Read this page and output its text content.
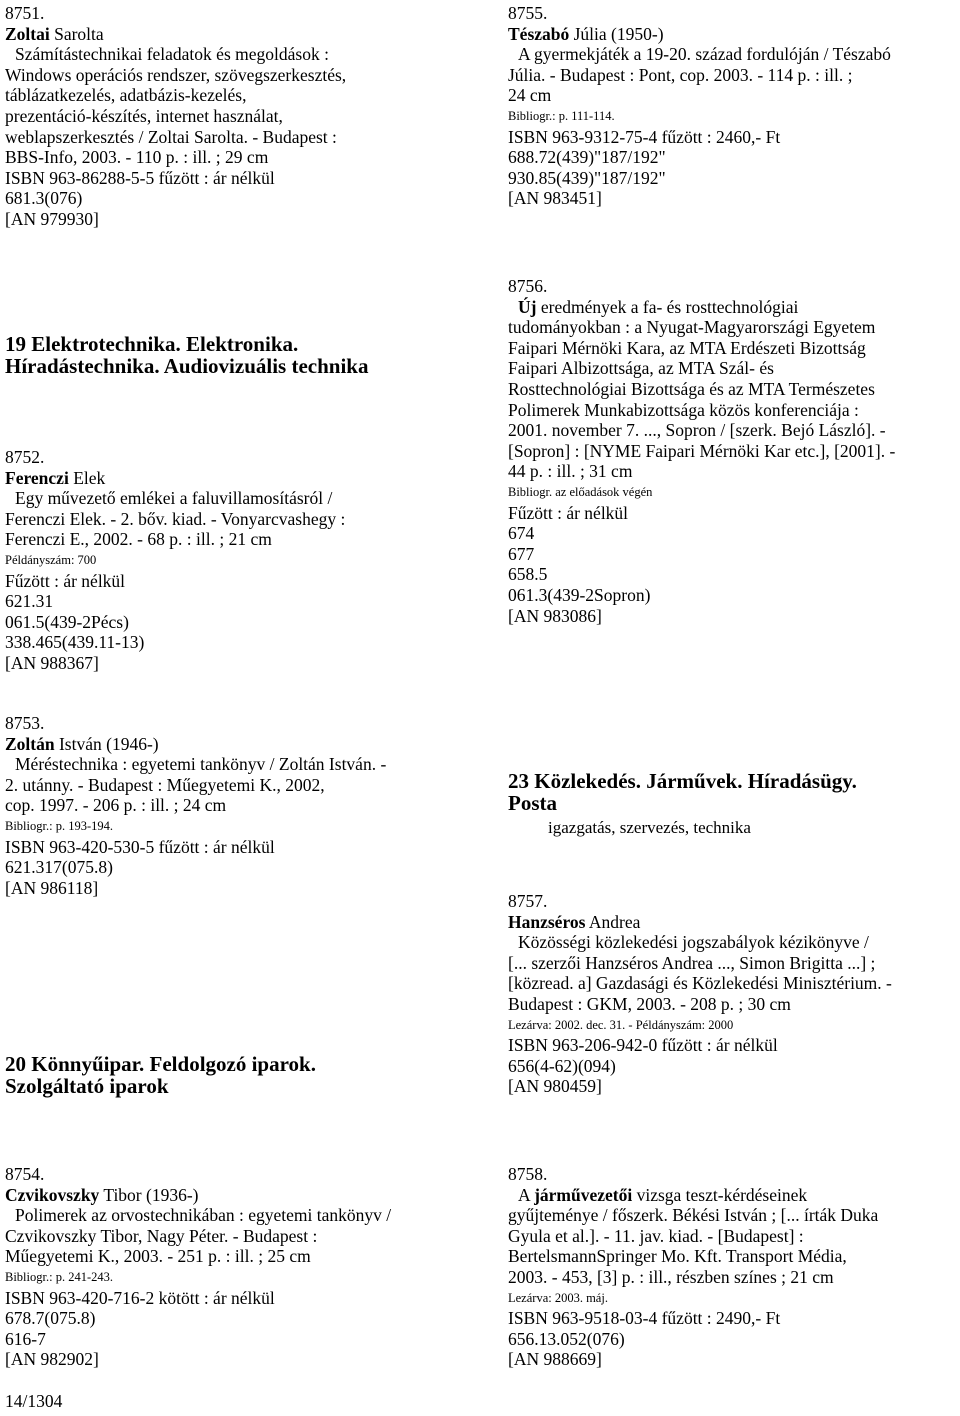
8751.
Zoltai Sarolta
Számítástechnikai feladatok és megoldások :
Windows operációs rendszer, szövegszerkesztés,
táblázatkezelés, adatbázis-kezelés,
prezentáció-készítés, internet használat,
weblapszerkesztés / Zoltai Sarolta. - Budapest :
BBS-Info, 2003. - 110 p. : ill. ; 29 cm
ISBN 963-86288-5-5 fűzött : ár nélkül
681.3(076)
[AN 979930]
19 Elektrotechnika. Elektronika.
Híradástechnika. Audiovizuális technika
8752.
Ferenczi Elek
Egy művezető emlékei a faluvillamosításról /
Ferenczi Elek. - 2. bőv. kiad. - Vonyarcvashegy :
Ferenczi E., 2002. - 68 p. : ill. ; 21 cm
Példányszám: 700
Fűzött : ár nélkül
621.31
061.5(439-2Pécs)
338.465(439.11-13)
[AN 988367]
8753.
Zoltán István (1946-)
Méréstechnika : egyetemi tankönyv / Zoltán István. -
2. utánny. - Budapest : Műegyetemi K., 2002,
cop. 1997. - 206 p. : ill. ; 24 cm
Bibliogr.: p. 193-194.
ISBN 963-420-530-5 fűzött : ár nélkül
621.317(075.8)
[AN 986118]
20 Könnyűipar. Feldolgozó iparok.
Szolgáltató iparok
8754.
Czvikovszky Tibor (1936-)
Polimerek az orvostechnikában : egyetemi tankönyv /
Czvikovszky Tibor, Nagy Péter. - Budapest :
Műegyetemi K., 2003. - 251 p. : ill. ; 25 cm
Bibliogr.: p. 241-243.
ISBN 963-420-716-2 kötött : ár nélkül
678.7(075.8)
616-7
[AN 982902]
8755.
Tészabó Júlia (1950-)
A gyermekjáték a 19-20. század fordulóján / Tészabó
Júlia. - Budapest : Pont, cop. 2003. - 114 p. : ill. ;
24 cm
Bibliogr.: p. 111-114.
ISBN 963-9312-75-4 fűzött : 2460,- Ft
688.72(439)"187/192"
930.85(439)"187/192"
[AN 983451]
8756.
Új eredmények a fa- és rosttechnológiai
tudományokban : a Nyugat-Magyarországi Egyetem
Faipari Mérnöki Kara, az MTA Erdészeti Bizottság
Faipari Albizottsága, az MTA Szál- és
Rosttechnológiai Bizottsága és az MTA Természetes
Polimerek Munkabizottsága közös konferenciája :
2001. november 7. ..., Sopron / [szerk. Bejó László]. -
[Sopron] : [NYME Faipari Mérnöki Kar etc.], [2001]. -
44 p. : ill. ; 31 cm
Bibliogr. az előadások végén
Fűzött : ár nélkül
674
677
658.5
061.3(439-2Sopron)
[AN 983086]
23 Közlekedés. Járművek. Híradásügy.
Posta
igazgatás, szervezés, technika
8757.
Hanzséros Andrea
Közösségi közlekedési jogszabályok kézikönyve /
[... szerzői Hanzséros Andrea ..., Simon Brigitta ...] ;
[közread. a] Gazdasági és Közlekedési Minisztérium. -
Budapest : GKM, 2003. - 208 p. ; 30 cm
Lezárva: 2002. dec. 31. - Példányszám: 2000
ISBN 963-206-942-0 fűzött : ár nélkül
656(4-62)(094)
[AN 980459]
8758.
A járművezetői vizsga teszt-kérdéseinek
gyűjteménye / főszerk. Békési István ; [... írták Duka
Gyula et al.]. - 11. jav. kiad. - [Budapest] :
BertelsmannSpringer Mo. Kft. Transport Média,
2003. - 453, [3] p. : ill., részben színes ; 21 cm
Lezárva: 2003. máj.
ISBN 963-9518-03-4 fűzött : 2490,- Ft
656.13.052(076)
[AN 988669]
14/1304
